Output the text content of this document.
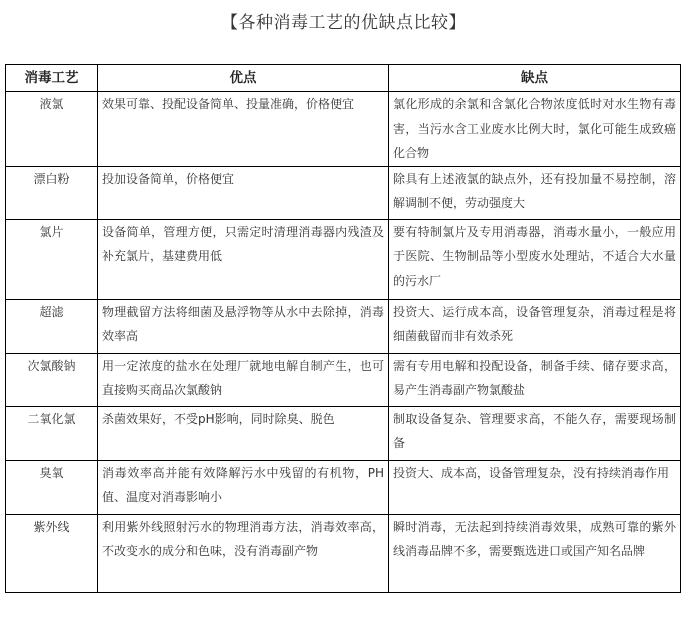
【各种消毒工艺的优缺点比较】
消毒工艺	优点	缺点
液氯	效果可靠、投配设备简单、投量准确，价格便宜	氯化形成的余氯和含氯化合物浓度低时对水生物有毒害，当污水含工业废水比例大时，氯化可能生成致癌化合物
漂白粉	投加设备简单，价格便宜	除具有上述液氯的缺点外，还有投加量不易控制，溶解调制不便，劳动强度大
氯片	设备简单，管理方便，只需定时清理消毒器内残渣及补充氯片，基建费用低	要有特制氯片及专用消毒器，消毒水量小，一般应用于医院、生物制品等小型废水处理站，不适合大水量的污水厂
超滤	物理截留方法将细菌及悬浮物等从水中去除掉，消毒效率高	投资大、运行成本高，设备管理复杂，消毒过程是将细菌截留而非有效杀死
次氯酸钠	用一定浓度的盐水在处理厂就地电解自制产生，也可直接购买商品次氯酸钠	需有专用电解和投配设备，制备手续、储存要求高，易产生消毒副产物氯酸盐
二氧化氯	杀菌效果好，不受pH影响，同时除臭、脱色	制取设备复杂、管理要求高，不能久存，需要现场制备
臭氧	消毒效率高并能有效降解污水中残留的有机物，PH值、温度对消毒影响小	投资大、成本高，设备管理复杂，没有持续消毒作用
紫外线	利用紫外线照射污水的物理消毒方法，消毒效率高，不改变水的成分和色味，没有消毒副产物	瞬时消毒，无法起到持续消毒效果，成熟可靠的紫外线消毒品牌不多，需要甄选进口或国产知名品牌
